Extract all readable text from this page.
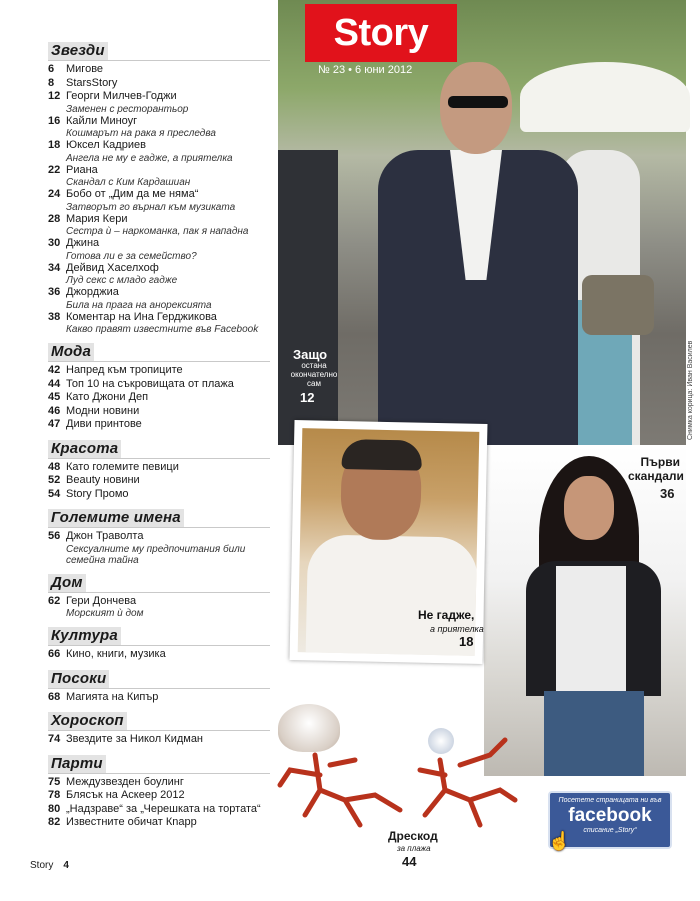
Звезди
6	Мигове
8	StarsStory
12 Георги Милчев-Годжи
Заменен с ресторантьор
16 Кайли Миноуг
Кошмарът на рака я преследва
18 Юксел Кадриев
Ангела не му е гадже, а приятелка
22 Риана
Скандал с Ким Кардашиан
24 Бобо от „Дим да ме няма“
Затворът го върнал към музиката
28 Мария Кери
Сестра ѝ – наркоманка, пак я нападна
30 Джина
Готова ли е за семейство?
34 Дейвид Хаселхоф
Луд секс с младо гадже
36 Джорджиа
Била на прага на анорексията
38 Коментар на Ина Герджикова
Какво правят известните във Facebook
Мода
42 Напред към тропиците
44 Топ 10 на съкровищата от плажа
45 Като Джони Деп
46 Модни новини
47 Диви принтове
Красота
48 Като големите певици
52 Beauty новини
54 Story Промо
Големите имена
56 Джон Траволта
Сексуалните му предпочитания били семейна тайна
Дом
62 Гери Дончева
Морският ѝ дом
Култура
66 Кино, книги, музика
Посоки
68 Магията на Кипър
Хороскоп
74 Звездите за Никол Кидман
Парти
75 Междузвезден боулинг
78 Блясък на Аскеер 2012
80 „Надзраве“ за „Черешката на тортата“
82 Известните обичат Кnapp
Story 4
Story
№ 23 • 6 юни 2012
Защо
остана окончателно сам
12	Снимка корица: Иван Василев
Първи скандали
36
Не гадже,
а приятелка
18
Дрескод
за плажа
44
Посетете страницата ни във
facebook
списание „Story“
☝
